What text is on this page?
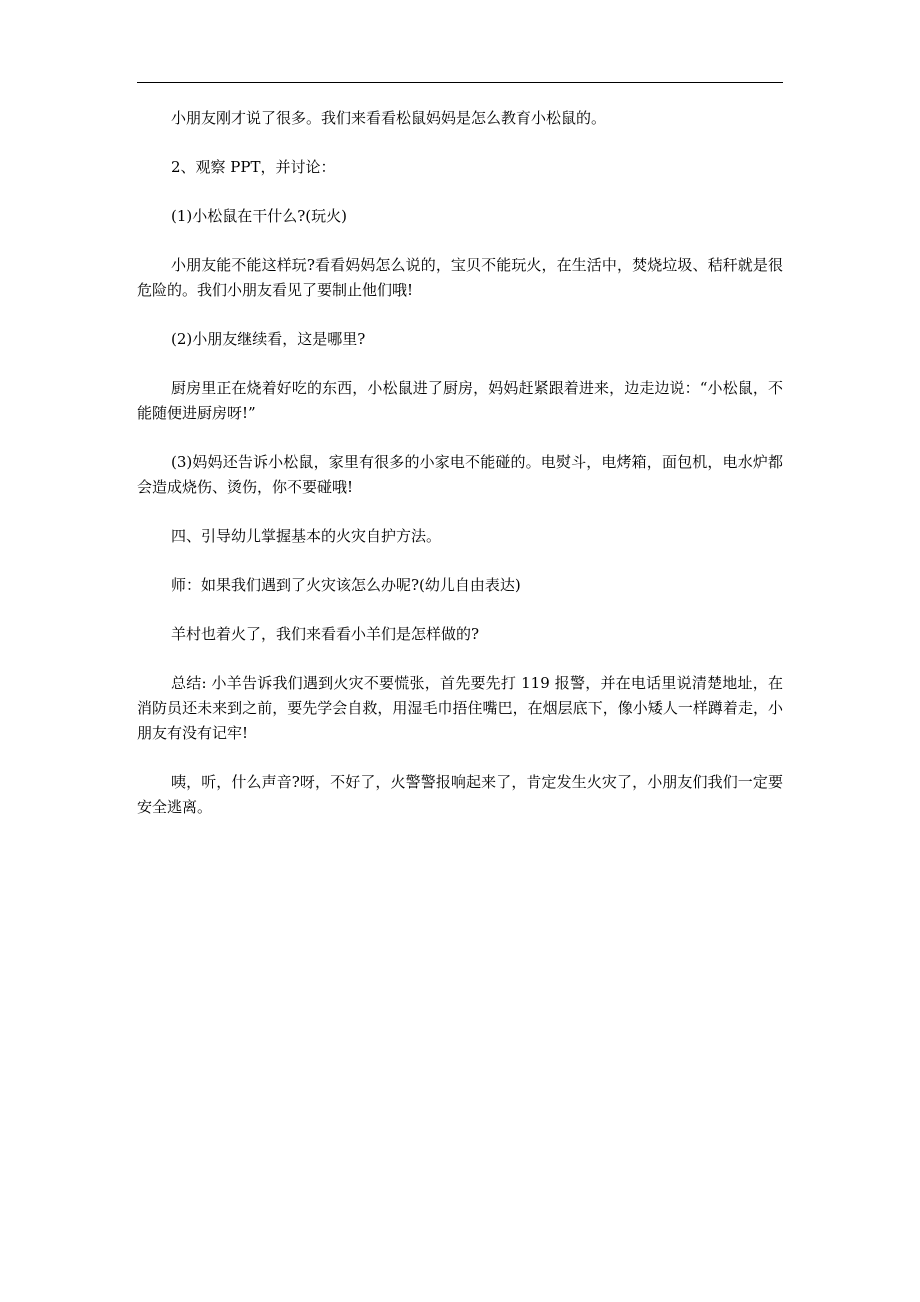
小朋友刚才说了很多。我们来看看松鼠妈妈是怎么教育小松鼠的。

2、观察 PPT，并讨论：

(1)小松鼠在干什么?(玩火)

小朋友能不能这样玩?看看妈妈怎么说的，宝贝不能玩火，在生活中，焚烧垃圾、秸秆就是很危险的。我们小朋友看见了要制止他们哦!

(2)小朋友继续看，这是哪里?

厨房里正在烧着好吃的东西，小松鼠进了厨房，妈妈赶紧跟着进来，边走边说：“小松鼠，不能随便进厨房呀!”

(3)妈妈还告诉小松鼠，家里有很多的小家电不能碰的。电熨斗，电烤箱，面包机，电水炉都会造成烧伤、烫伤，你不要碰哦!

四、引导幼儿掌握基本的火灾自护方法。

师：如果我们遇到了火灾该怎么办呢?(幼儿自由表达)

羊村也着火了，我们来看看小羊们是怎样做的?

总结: 小羊告诉我们遇到火灾不要慌张，首先要先打 119 报警，并在电话里说清楚地址，在消防员还未来到之前，要先学会自救，用湿毛巾捂住嘴巴，在烟层底下，像小矮人一样蹲着走，小朋友有没有记牢!

咦，听，什么声音?呀，不好了，火警警报响起来了，肯定发生火灾了，小朋友们我们一定要安全逃离。
